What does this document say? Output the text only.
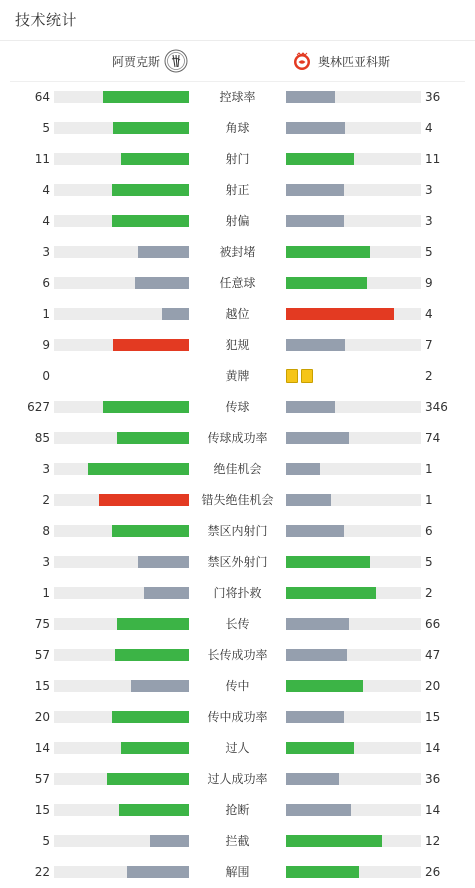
技术统计
阿贾克斯	奥林匹亚科斯
64	控球率	36
5	角球	4
11	射门	11
4	射正	3
4	射偏	3
3	被封堵	5
6	任意球	9
1	越位	4
9	犯规	7
0	黄牌	2
627	传球	346
85	传球成功率	74
3	绝佳机会	1
2	错失绝佳机会	1
8	禁区内射门	6
3	禁区外射门	5
1	门将扑救	2
75	长传	66
57	长传成功率	47
15	传中	20
20	传中成功率	15
14	过人	14
57	过人成功率	36
15	抢断	14
5	拦截	12
22	解围	26
